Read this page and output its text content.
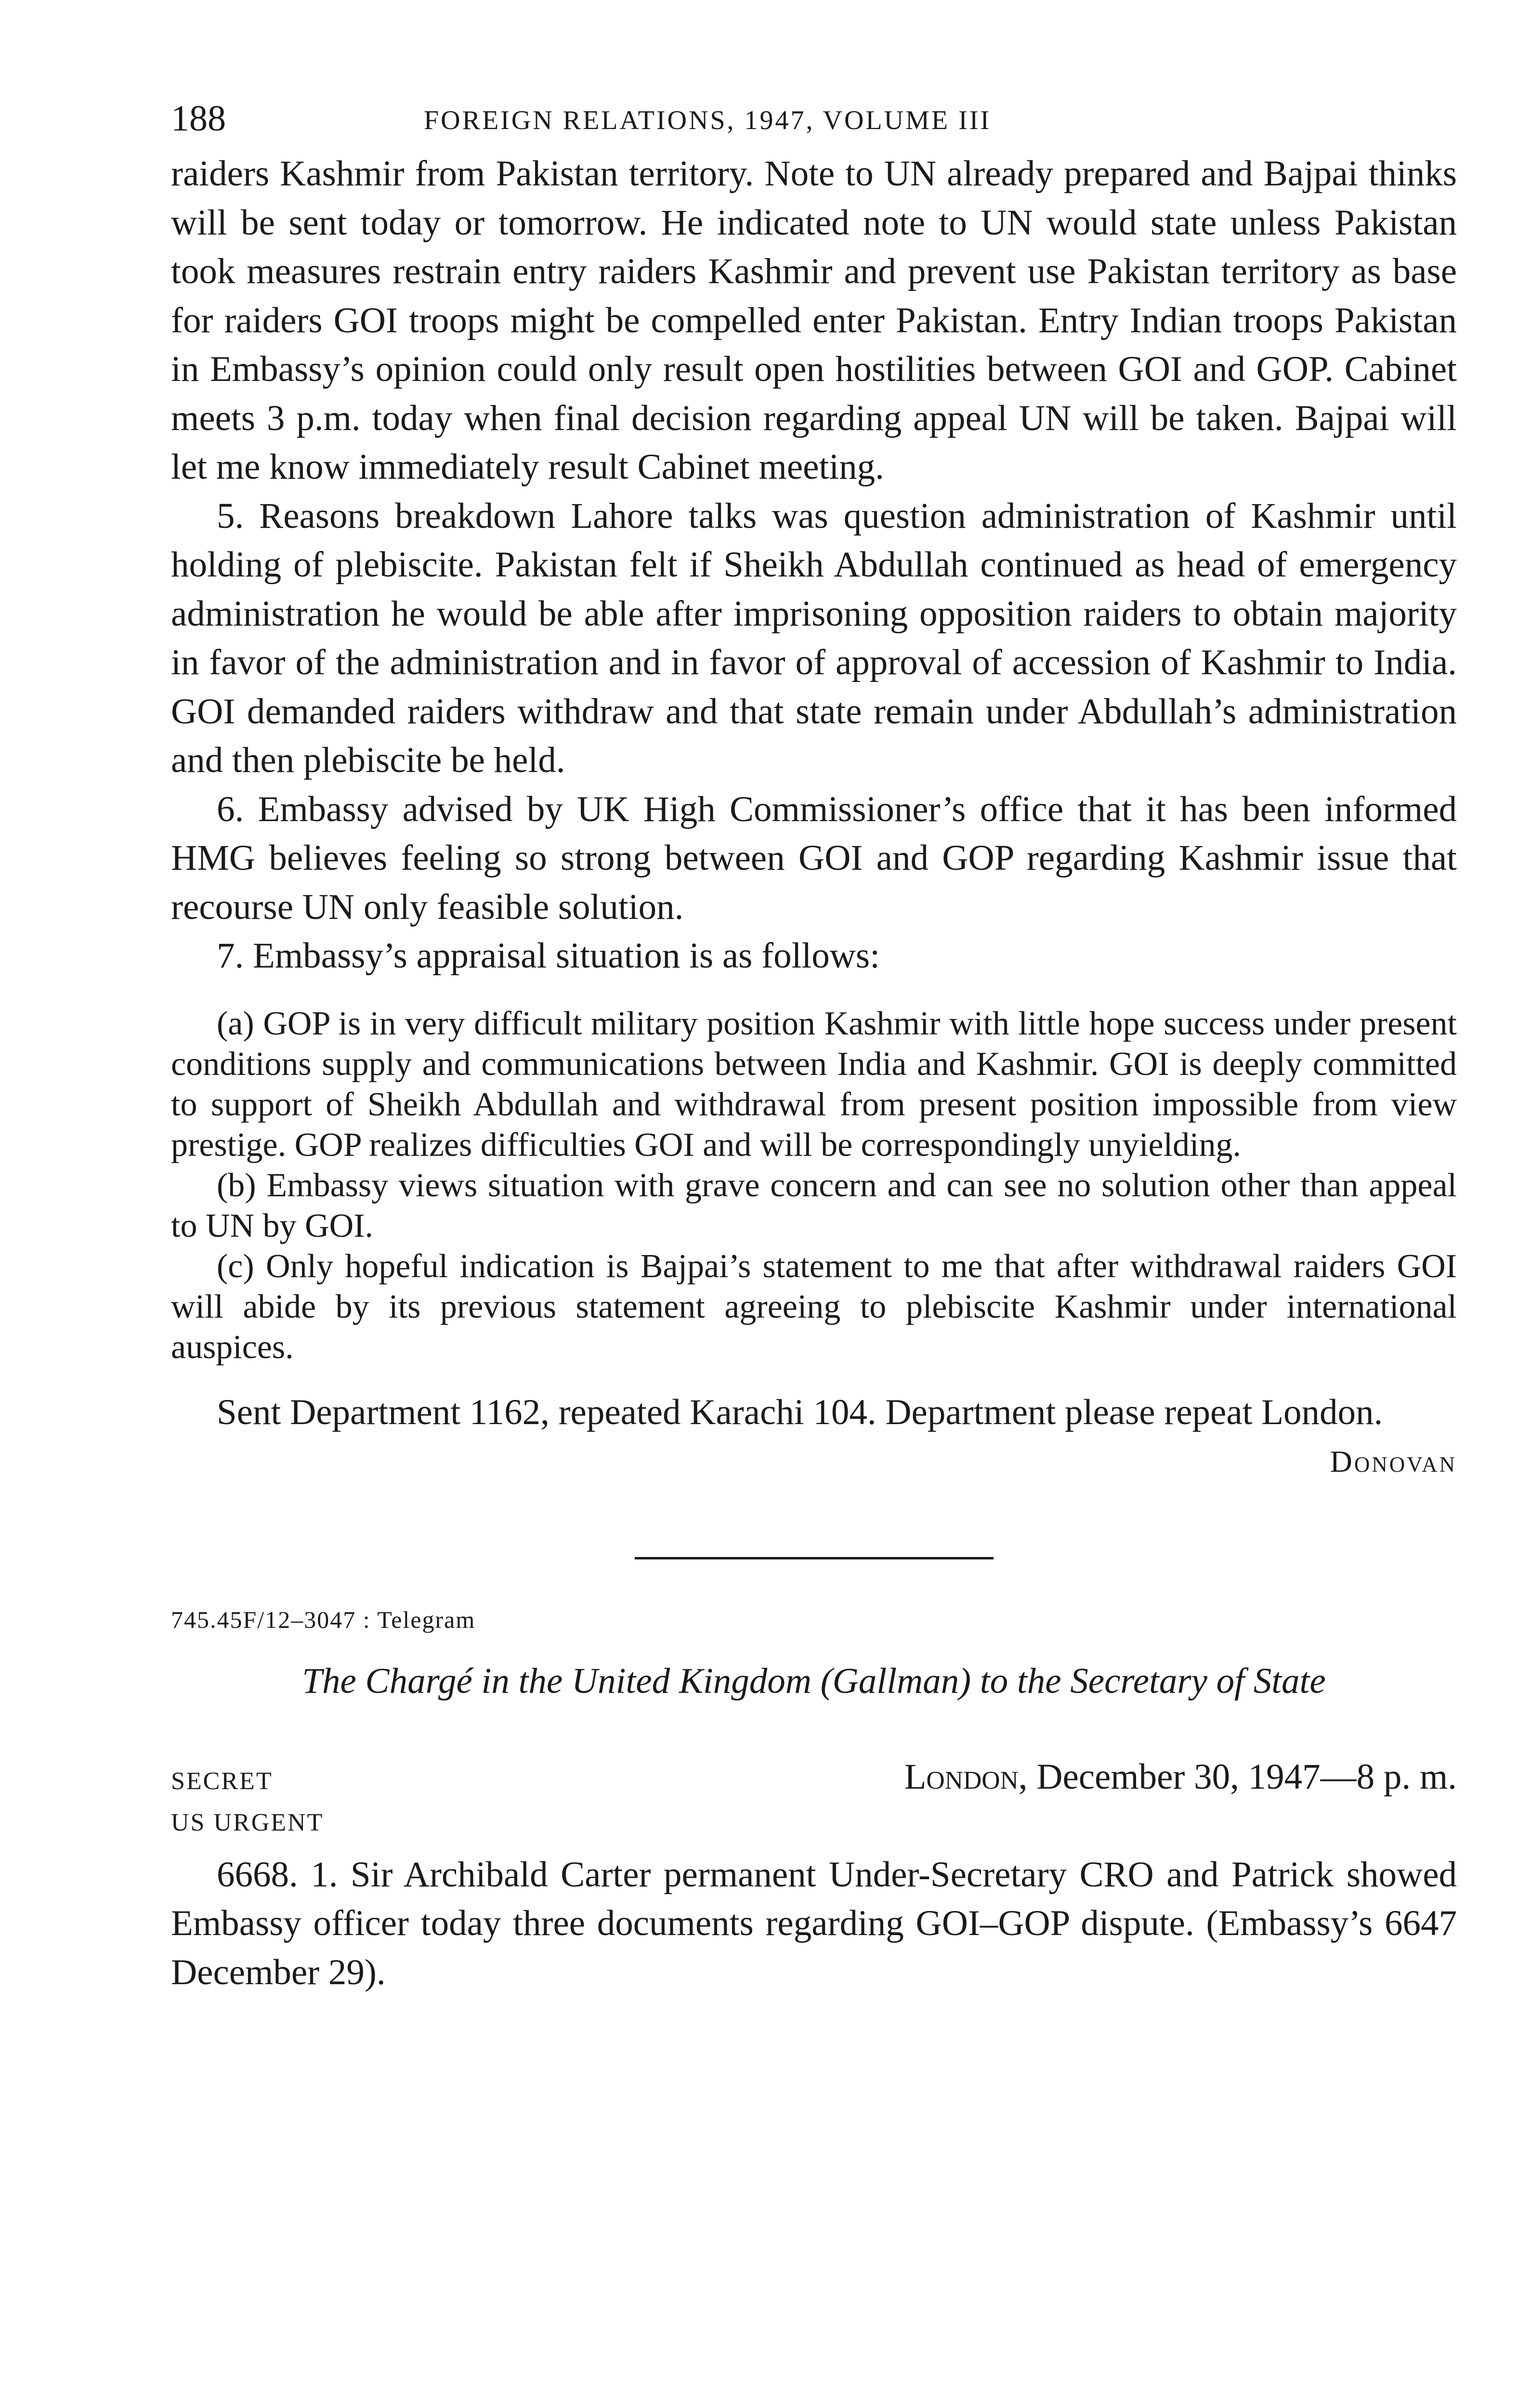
188	FOREIGN RELATIONS, 1947, VOLUME III

raiders Kashmir from Pakistan territory. Note to UN already prepared and Bajpai thinks will be sent today or tomorrow. He indicated note to UN would state unless Pakistan took measures restrain entry raiders Kashmir and prevent use Pakistan territory as base for raiders GOI troops might be compelled enter Pakistan. Entry Indian troops Pakistan in Embassy’s opinion could only result open hostilities between GOI and GOP. Cabinet meets 3 p.m. today when final decision regarding appeal UN will be taken. Bajpai will let me know immediately result Cabinet meeting.

5. Reasons breakdown Lahore talks was question administration of Kashmir until holding of plebiscite. Pakistan felt if Sheikh Abdullah continued as head of emergency administration he would be able after imprisoning opposition raiders to obtain majority in favor of the administration and in favor of approval of accession of Kashmir to India. GOI demanded raiders withdraw and that state remain under Abdullah’s administration and then plebiscite be held.

6. Embassy advised by UK High Commissioner’s office that it has been informed HMG believes feeling so strong between GOI and GOP regarding Kashmir issue that recourse UN only feasible solution.

7. Embassy’s appraisal situation is as follows:

(a) GOP is in very difficult military position Kashmir with little hope success under present conditions supply and communications between India and Kashmir. GOI is deeply committed to support of Sheikh Abdullah and withdrawal from present position impossible from view prestige. GOP realizes difficulties GOI and will be correspondingly unyielding.

(b) Embassy views situation with grave concern and can see no solution other than appeal to UN by GOI.

(c) Only hopeful indication is Bajpai’s statement to me that after withdrawal raiders GOI will abide by its previous statement agreeing to plebiscite Kashmir under international auspices.

Sent Department 1162, repeated Karachi 104. Department please repeat London.

Donovan

745.45F/12–3047 : Telegram

The Chargé in the United Kingdom (Gallman) to the Secretary of State

SECRET	London, December 30, 1947—8 p. m.

US URGENT

6668. 1. Sir Archibald Carter permanent Under-Secretary CRO and Patrick showed Embassy officer today three documents regarding GOI–GOP dispute. (Embassy’s 6647 December 29).
